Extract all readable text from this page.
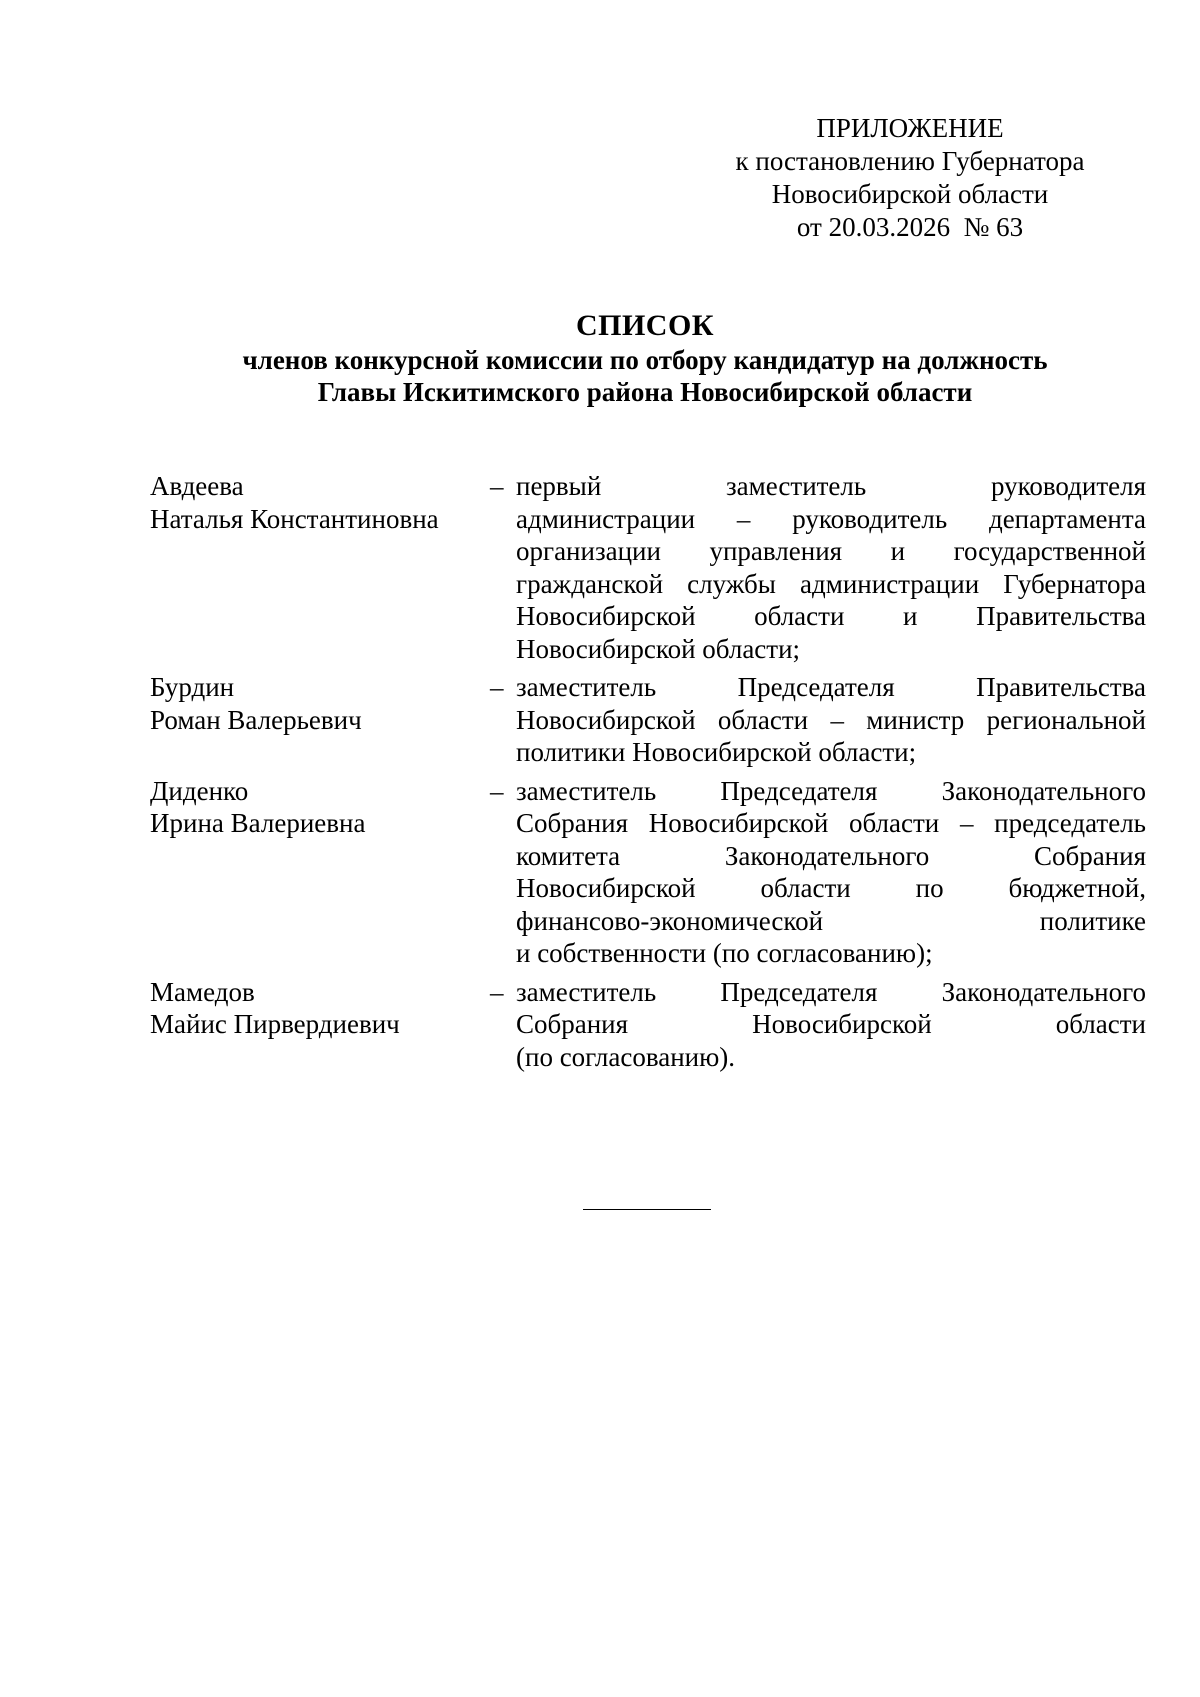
ПРИЛОЖЕНИЕ
к постановлению Губернатора
Новосибирской области
от 20.03.2026  № 63
СПИСОК
членов конкурсной комиссии по отбору кандидатур на должность
Главы Искитимского района Новосибирской области
Авдеева
Наталья Константиновна
– первый заместитель руководителя
администрации – руководитель департамента
организации управления и государственной
гражданской службы администрации Губернатора
Новосибирской области и Правительства
Новосибирской области;
Бурдин
Роман Валерьевич
– заместитель Председателя Правительства
Новосибирской области – министр региональной
политики Новосибирской области;
Диденко
Ирина Валериевна
– заместитель Председателя Законодательного
Собрания Новосибирской области – председатель
комитета Законодательного Собрания
Новосибирской области по бюджетной,
финансово-экономической политике
и собственности (по согласованию);
Мамедов
Майис Пирвердиевич
– заместитель Председателя Законодательного
Собрания Новосибирской области
(по согласованию).
